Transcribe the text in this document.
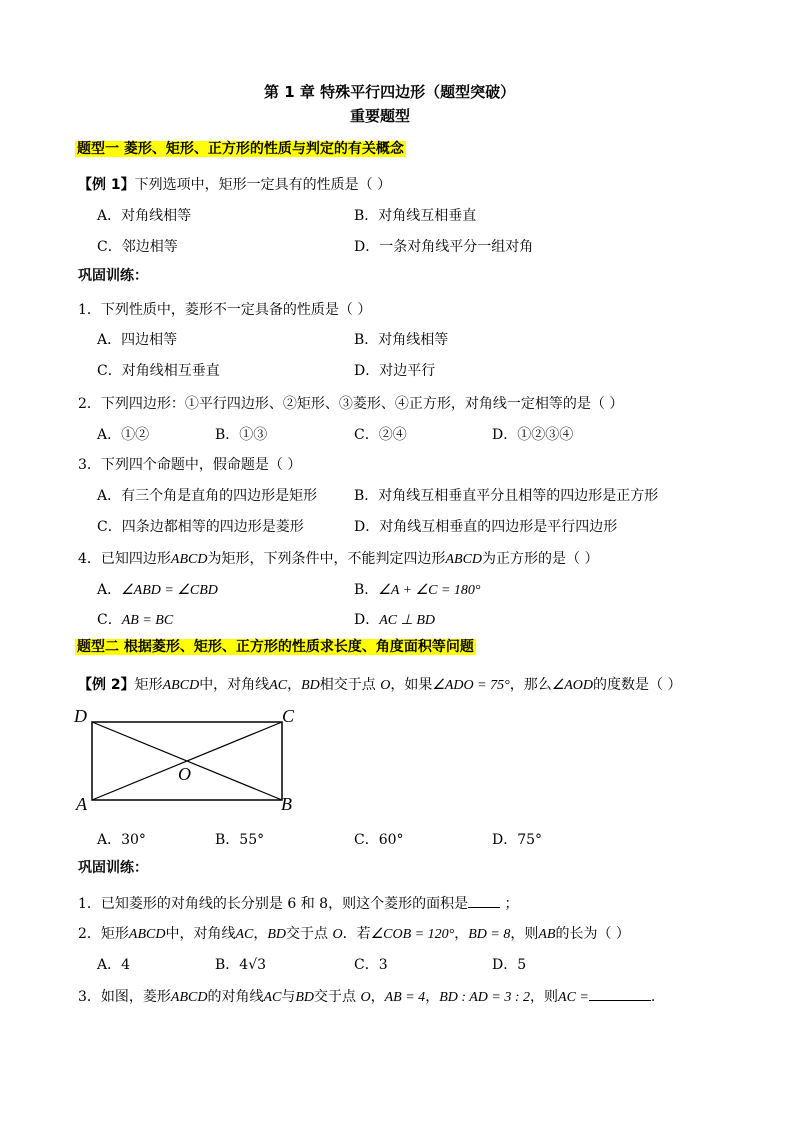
第 1 章 特殊平行四边形（题型突破）
重要题型
题型一 菱形、矩形、正方形的性质与判定的有关概念
【例 1】下列选项中，矩形一定具有的性质是（ ）
A．对角线相等	B．对角线互相垂直
C．邻边相等	D．一条对角线平分一组对角
巩固训练：
1．下列性质中，菱形不一定具备的性质是（ ）
A．四边相等	B．对角线相等
C．对角线相互垂直	D．对边平行
2．下列四边形：①平行四边形、②矩形、③菱形、④正方形，对角线一定相等的是（ ）
A．①②	B．①③	C．②④	D．①②③④
3．下列四个命题中，假命题是（ ）
A．有三个角是直角的四边形是矩形	B．对角线互相垂直平分且相等的四边形是正方形
C．四条边都相等的四边形是菱形	D．对角线互相垂直的四边形是平行四边形
4．已知四边形ABCD为矩形，下列条件中，不能判定四边形ABCD为正方形的是（ ）
A．∠ABD = ∠CBD	B．∠A + ∠C = 180°
C．AB = BC	D．AC ⊥ BD
题型二 根据菱形、矩形、正方形的性质求长度、角度面积等问题
【例 2】矩形ABCD中，对角线AC，BD相交于点 O，如果∠ADO = 75°，那么∠AOD的度数是（ ）
D	C
O
A	B
A．30°	B．55°	C．60°	D．75°
巩固训练：
1．已知菱形的对角线的长分别是 6 和 8，则这个菱形的面积是	；
2．矩形ABCD中，对角线AC，BD交于点 O．若∠COB = 120°，BD = 8，则AB的长为（ ）
A．4	B．4√3	C．3	D．5
3．如图，菱形ABCD的对角线AC与BD交于点 O，AB = 4，BD : AD = 3 : 2，则AC =	.
